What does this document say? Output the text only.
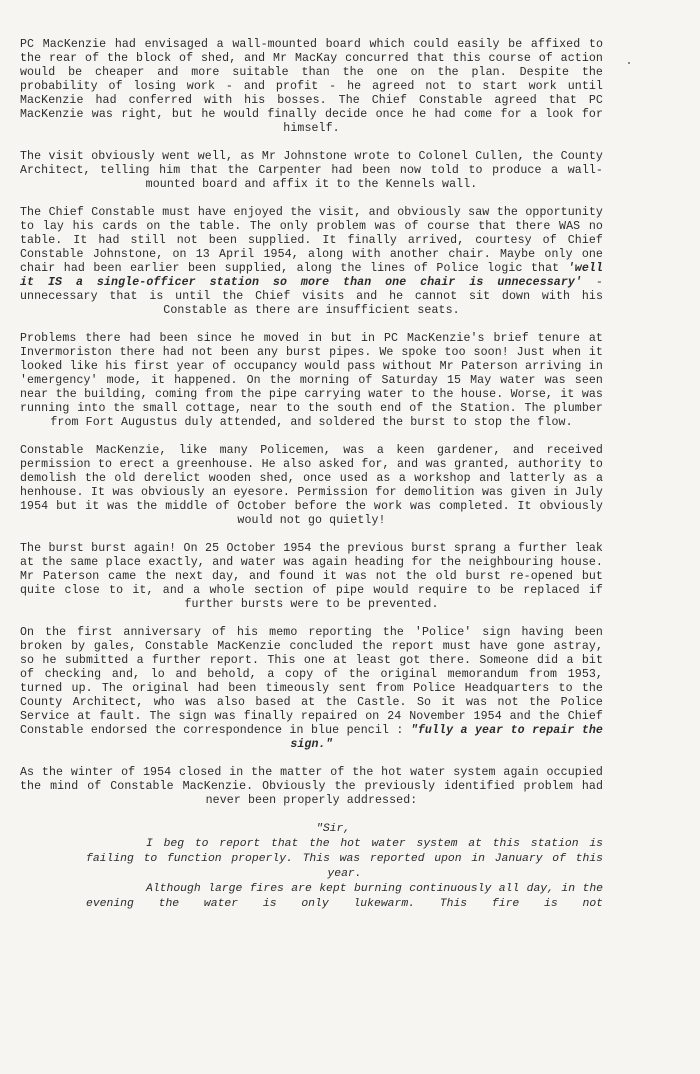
PC MacKenzie had envisaged a wall-mounted board which could easily be affixed to the rear of the block of shed, and Mr MacKay concurred that this course of action would be cheaper and more suitable than the one on the plan. Despite the probability of losing work - and profit - he agreed not to start work until MacKenzie had conferred with his bosses. The Chief Constable agreed that PC MacKenzie was right, but he would finally decide once he had come for a look for himself.

The visit obviously went well, as Mr Johnstone wrote to Colonel Cullen, the County Architect, telling him that the Carpenter had been now told to produce a wall-mounted board and affix it to the Kennels wall.

The Chief Constable must have enjoyed the visit, and obviously saw the opportunity to lay his cards on the table. The only problem was of course that there WAS no table. It had still not been supplied. It finally arrived, courtesy of Chief Constable Johnstone, on 13 April 1954, along with another chair. Maybe only one chair had been earlier been supplied, along the lines of Police logic that 'well it IS a single-officer station so more than one chair is unnecessary' - unnecessary that is until the Chief visits and he cannot sit down with his Constable as there are insufficient seats.

Problems there had been since he moved in but in PC MacKenzie's brief tenure at Invermoriston there had not been any burst pipes. We spoke too soon! Just when it looked like his first year of occupancy would pass without Mr Paterson arriving in 'emergency' mode, it happened. On the morning of Saturday 15 May water was seen near the building, coming from the pipe carrying water to the house. Worse, it was running into the small cottage, near to the south end of the Station. The plumber from Fort Augustus duly attended, and soldered the burst to stop the flow.

Constable MacKenzie, like many Policemen, was a keen gardener, and received permission to erect a greenhouse. He also asked for, and was granted, authority to demolish the old derelict wooden shed, once used as a workshop and latterly as a henhouse. It was obviously an eyesore. Permission for demolition was given in July 1954 but it was the middle of October before the work was completed. It obviously would not go quietly!

The burst burst again! On 25 October 1954 the previous burst sprang a further leak at the same place exactly, and water was again heading for the neighbouring house. Mr Paterson came the next day, and found it was not the old burst re-opened but quite close to it, and a whole section of pipe would require to be replaced if further bursts were to be prevented.

On the first anniversary of his memo reporting the 'Police' sign having been broken by gales, Constable MacKenzie concluded the report must have gone astray, so he submitted a further report. This one at least got there. Someone did a bit of checking and, lo and behold, a copy of the original memorandum from 1953, turned up. The original had been timeously sent from Police Headquarters to the County Architect, who was also based at the Castle. So it was not the Police Service at fault. The sign was finally repaired on 24 November 1954 and the Chief Constable endorsed the correspondence in blue pencil : "fully a year to repair the sign."

As the winter of 1954 closed in the matter of the hot water system again occupied the mind of Constable MacKenzie. Obviously the previously identified problem had never been properly addressed:

"Sir,
I beg to report that the hot water system at this station is failing to function properly. This was reported upon in January of this year.
Although large fires are kept burning continuously all day, in the evening the water is only lukewarm. This fire is not
